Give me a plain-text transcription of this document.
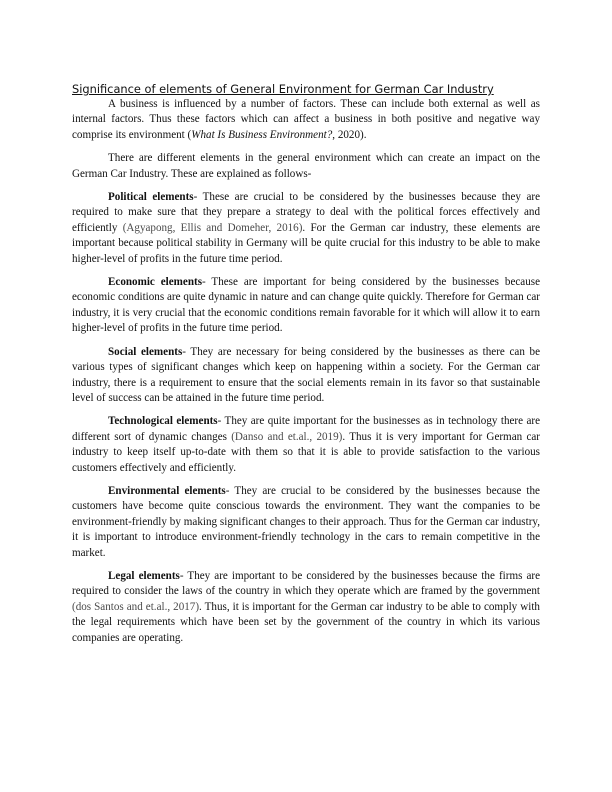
Significance of elements of General Environment for German Car Industry

A business is influenced by a number of factors. These can include both external as well as internal factors. Thus these factors which can affect a business in both positive and negative way comprise its environment (What Is Business Environment?, 2020).

There are different elements in the general environment which can create an impact on the German Car Industry. These are explained as follows-

Political elements- These are crucial to be considered by the businesses because they are required to make sure that they prepare a strategy to deal with the political forces effectively and efficiently (Agyapong, Ellis and Domeher, 2016). For the German car industry, these elements are important because political stability in Germany will be quite crucial for this industry to be able to make higher-level of profits in the future time period.

Economic elements- These are important for being considered by the businesses because economic conditions are quite dynamic in nature and can change quite quickly. Therefore for German car industry, it is very crucial that the economic conditions remain favorable for it which will allow it to earn higher-level of profits in the future time period.

Social elements- They are necessary for being considered by the businesses as there can be various types of significant changes which keep on happening within a society. For the German car industry, there is a requirement to ensure that the social elements remain in its favor so that sustainable level of success can be attained in the future time period.

Technological elements- They are quite important for the businesses as in technology there are different sort of dynamic changes (Danso and et.al., 2019). Thus it is very important for German car industry to keep itself up-to-date with them so that it is able to provide satisfaction to the various customers effectively and efficiently.

Environmental elements- They are crucial to be considered by the businesses because the customers have become quite conscious towards the environment. They want the companies to be environment-friendly by making significant changes to their approach. Thus for the German car industry, it is important to introduce environment-friendly technology in the cars to remain competitive in the market.

Legal elements- They are important to be considered by the businesses because the firms are required to consider the laws of the country in which they operate which are framed by the government (dos Santos and et.al., 2017). Thus, it is important for the German car industry to be able to comply with the legal requirements which have been set by the government of the country in which its various companies are operating.
